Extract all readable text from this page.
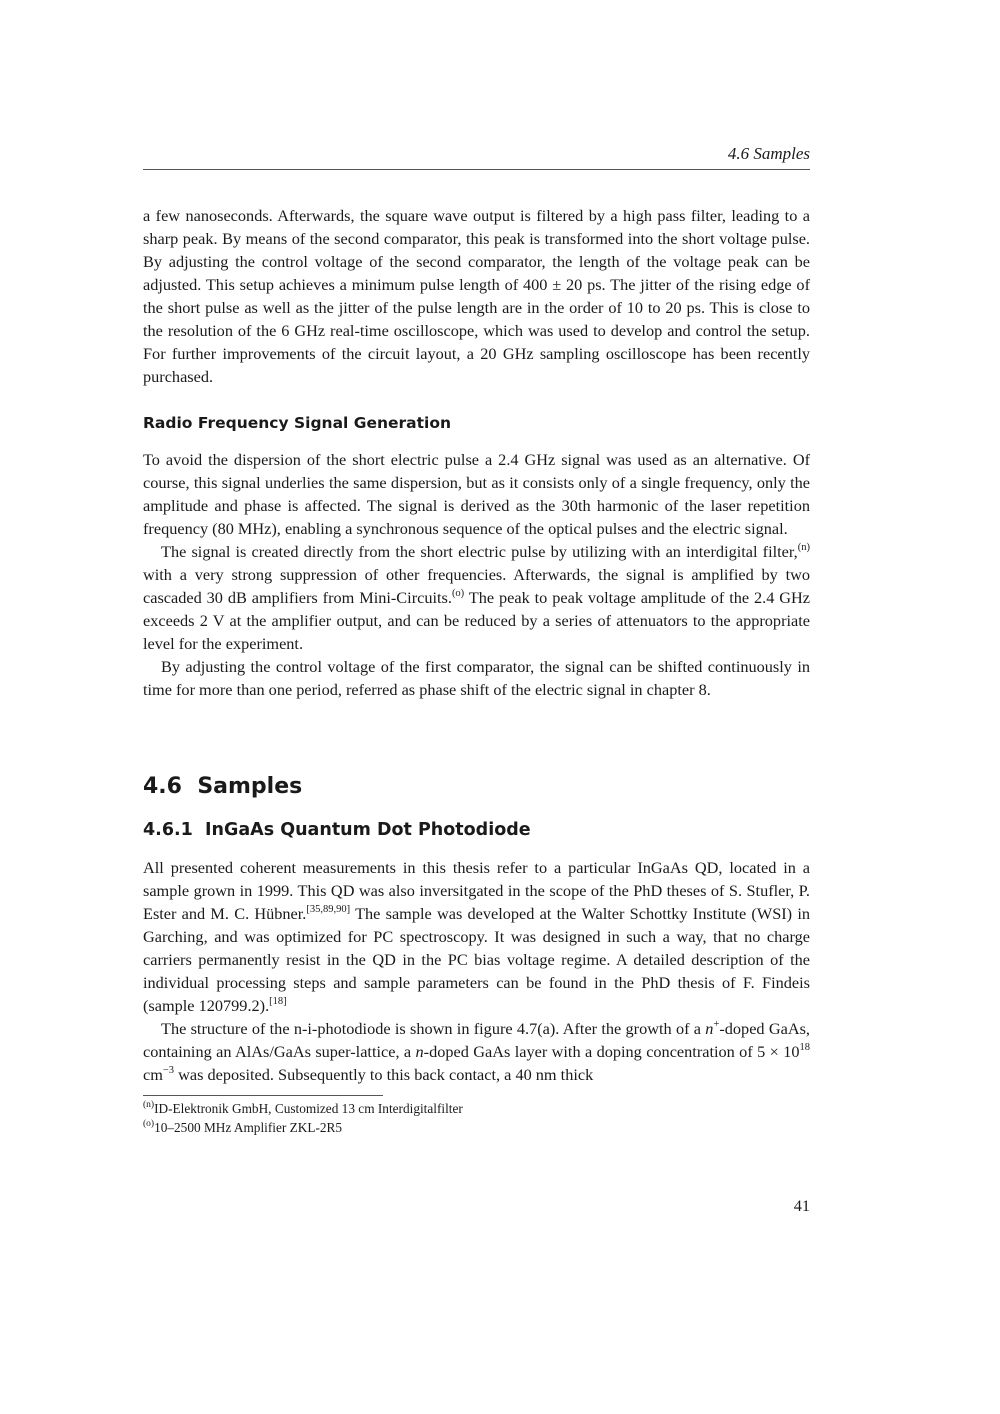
4.6 Samples

a few nanoseconds. Afterwards, the square wave output is filtered by a high pass filter, leading to a sharp peak. By means of the second comparator, this peak is transformed into the short voltage pulse. By adjusting the control voltage of the second comparator, the length of the voltage peak can be adjusted. This setup achieves a minimum pulse length of 400 ± 20 ps. The jitter of the rising edge of the short pulse as well as the jitter of the pulse length are in the order of 10 to 20 ps. This is close to the resolution of the 6 GHz real-time oscilloscope, which was used to develop and control the setup. For further improvements of the circuit layout, a 20 GHz sampling oscilloscope has been recently purchased.

Radio Frequency Signal Generation

To avoid the dispersion of the short electric pulse a 2.4 GHz signal was used as an alternative. Of course, this signal underlies the same dispersion, but as it consists only of a single frequency, only the amplitude and phase is affected. The signal is derived as the 30th harmonic of the laser repetition frequency (80 MHz), enabling a synchronous sequence of the optical pulses and the electric signal.

The signal is created directly from the short electric pulse by utilizing with an interdigital filter,$^{(n)}$ with a very strong suppression of other frequencies. Afterwards, the signal is amplified by two cascaded 30 dB amplifiers from Mini-Circuits.$^{(o)}$ The peak to peak voltage amplitude of the 2.4 GHz exceeds 2 V at the amplifier output, and can be reduced by a series of attenuators to the appropriate level for the experiment.

By adjusting the control voltage of the first comparator, the signal can be shifted continuously in time for more than one period, referred as phase shift of the electric signal in chapter 8.

4.6 Samples
4.6.1 InGaAs Quantum Dot Photodiode

All presented coherent measurements in this thesis refer to a particular InGaAs QD, located in a sample grown in 1999. This QD was also inversitgated in the scope of the PhD theses of S. Stufler, P. Ester and M. C. Hübner.[35,89,90] The sample was developed at the Walter Schottky Institute (WSI) in Garching, and was optimized for PC spectroscopy. It was designed in such a way, that no charge carriers permanently resist in the QD in the PC bias voltage regime. A detailed description of the individual processing steps and sample parameters can be found in the PhD thesis of F. Findeis (sample 120799.2).[18]

The structure of the n-i-photodiode is shown in figure 4.7(a). After the growth of a n+-doped GaAs, containing an AlAs/GaAs super-lattice, a n-doped GaAs layer with a doping concentration of $5 \times 10^{18}$ $cm^{-3}$ was deposited. Subsequently to this back contact, a 40 nm thick

$^{(n)}$ID-Elektronik GmbH, Customized 13 cm Interdigitalfilter

$^{(o)}$10–2500 MHz Amplifier ZKL-2R5

41
